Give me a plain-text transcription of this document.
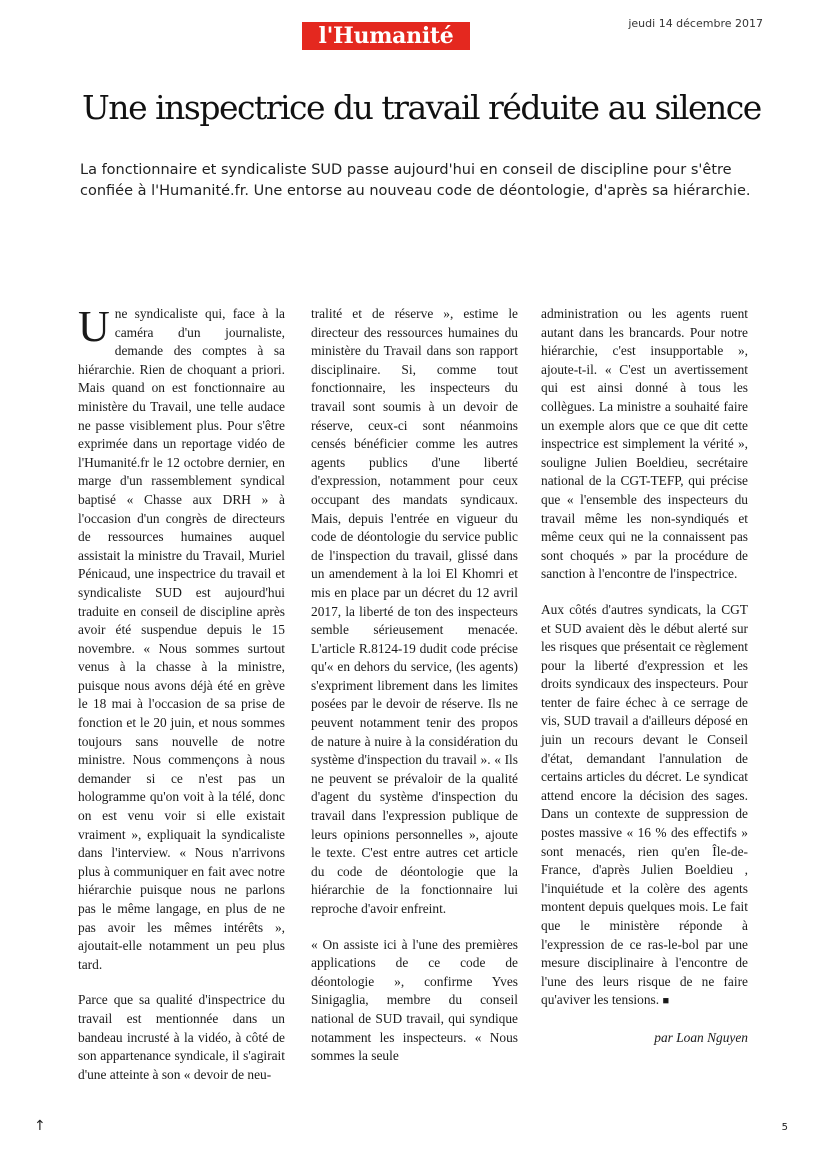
l'Humanité	jeudi 14 décembre 2017
Une inspectrice du travail réduite au silence

La fonctionnaire et syndicaliste SUD passe aujourd'hui en conseil de discipline pour s'être confiée à l'Humanité.fr. Une entorse au nouveau code de déontologie, d'après sa hiérarchie.

Une syndicaliste qui, face à la caméra d'un journaliste, demande des comptes à sa hiérarchie. Rien de choquant a priori. Mais quand on est fonctionnaire au ministère du Travail, une telle audace ne passe visiblement plus. Pour s'être exprimée dans un reportage vidéo de l'Humanité.fr le 12 octobre dernier, en marge d'un rassemblement syndical baptisé « Chasse aux DRH » à l'occasion d'un congrès de directeurs de ressources humaines auquel assistait la ministre du Travail, Muriel Pénicaud, une inspectrice du travail et syndicaliste SUD est aujourd'hui traduite en conseil de discipline après avoir été suspendue depuis le 15 novembre. « Nous sommes surtout venus à la chasse à la ministre, puisque nous avons déjà été en grève le 18 mai à l'occasion de sa prise de fonction et le 20 juin, et nous sommes toujours sans nouvelle de notre ministre. Nous commençons à nous demander si ce n'est pas un hologramme qu'on voit à la télé, donc on est venu voir si elle existait vraiment », expliquait la syndicaliste dans l'interview. « Nous n'arrivons plus à communiquer en fait avec notre hiérarchie puisque nous ne parlons pas le même langage, en plus de ne pas avoir les mêmes intérêts », ajoutait-elle notamment un peu plus tard.

Parce que sa qualité d'inspectrice du travail est mentionnée dans un bandeau incrusté à la vidéo, à côté de son appartenance syndicale, il s'agirait d'une atteinte à son « devoir de neu-

tralité et de réserve », estime le directeur des ressources humaines du ministère du Travail dans son rapport disciplinaire. Si, comme tout fonctionnaire, les inspecteurs du travail sont soumis à un devoir de réserve, ceux-ci sont néanmoins censés bénéficier comme les autres agents publics d'une liberté d'expression, notamment pour ceux occupant des mandats syndicaux. Mais, depuis l'entrée en vigueur du code de déontologie du service public de l'inspection du travail, glissé dans un amendement à la loi El Khomri et mis en place par un décret du 12 avril 2017, la liberté de ton des inspecteurs semble sérieusement menacée. L'article R.8124-19 dudit code précise qu'« en dehors du service, (les agents) s'expriment librement dans les limites posées par le devoir de réserve. Ils ne peuvent notamment tenir des propos de nature à nuire à la considération du système d'inspection du travail ». « Ils ne peuvent se prévaloir de la qualité d'agent du système d'inspection du travail dans l'expression publique de leurs opinions personnelles », ajoute le texte. C'est entre autres cet article du code de déontologie que la hiérarchie de la fonctionnaire lui reproche d'avoir enfreint.

« On assiste ici à l'une des premières applications de ce code de déontologie », confirme Yves Sinigaglia, membre du conseil national de SUD travail, qui syndique notamment les inspecteurs. « Nous sommes la seule

administration ou les agents ruent autant dans les brancards. Pour notre hiérarchie, c'est insupportable », ajoute-t-il. « C'est un avertissement qui est ainsi donné à tous les collègues. La ministre a souhaité faire un exemple alors que ce que dit cette inspectrice est simplement la vérité », souligne Julien Boeldieu, secrétaire national de la CGT-TEFP, qui précise que « l'ensemble des inspecteurs du travail même les non-syndiqués et même ceux qui ne la connaissent pas sont choqués » par la procédure de sanction à l'encontre de l'inspectrice.

Aux côtés d'autres syndicats, la CGT et SUD avaient dès le début alerté sur les risques que présentait ce règlement pour la liberté d'expression et les droits syndicaux des inspecteurs. Pour tenter de faire échec à ce serrage de vis, SUD travail a d'ailleurs déposé en juin un recours devant le Conseil d'état, demandant l'annulation de certains articles du décret. Le syndicat attend encore la décision des sages. Dans un contexte de suppression de postes massive « 16 % des effectifs » sont menacés, rien qu'en Île-de-France, d'après Julien Boeldieu , l'inquiétude et la colère des agents montent depuis quelques mois. Le fait que le ministère réponde à l'expression de ce ras-le-bol par une mesure disciplinaire à l'encontre de l'une des leurs risque de ne faire qu'aviver les tensions. ■

par Loan Nguyen
↑	5
